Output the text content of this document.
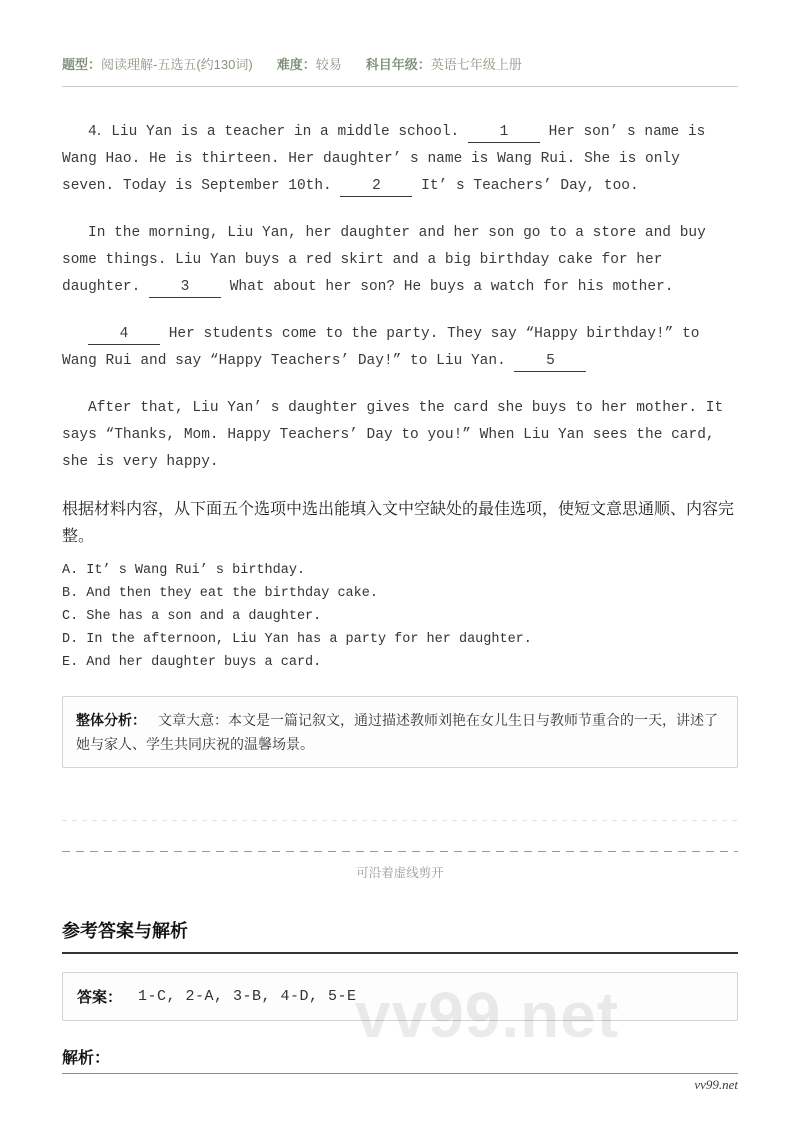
题型：阅读理解-五选五(约130词) 难度：较易 科目年级：英语七年级上册

4．Liu Yan is a teacher in a middle school. 1 Her son’ s name is Wang Hao. He is thirteen. Her daughter’ s name is Wang Rui. She is only seven. Today is September 10th. 2 It’ s Teachers’ Day, too.

In the morning, Liu Yan, her daughter and her son go to a store and buy some things. Liu Yan buys a red skirt and a big birthday cake for her daughter. 3 What about her son? He buys a watch for his mother.

4 Her students come to the party. They say “Happy birthday!” to Wang Rui and say “Happy Teachers’ Day!” to Liu Yan. 5

After that, Liu Yan’ s daughter gives the card she buys to her mother. It says “Thanks, Mom. Happy Teachers’ Day to you!” When Liu Yan sees the card, she is very happy.

根据材料内容，从下面五个选项中选出能填入文中空缺处的最佳选项，使短文意思通顺、内容完整。

A. It’ s Wang Rui’ s birthday.
B. And then they eat the birthday cake.
C. She has a son and a daughter.
D. In the afternoon, Liu Yan has a party for her daughter.
E. And her daughter buys a card.
整体分析： 文章大意：本文是一篇记叙文，通过描述教师刘艳在女儿生日与教师节重合的一天，讲述了她与家人、学生共同庆祝的温馨场景。
可沿着虚线剪开
参考答案与解析
答案： 1-C, 2-A, 3-B, 4-D, 5-E
解析：
vv99.net
